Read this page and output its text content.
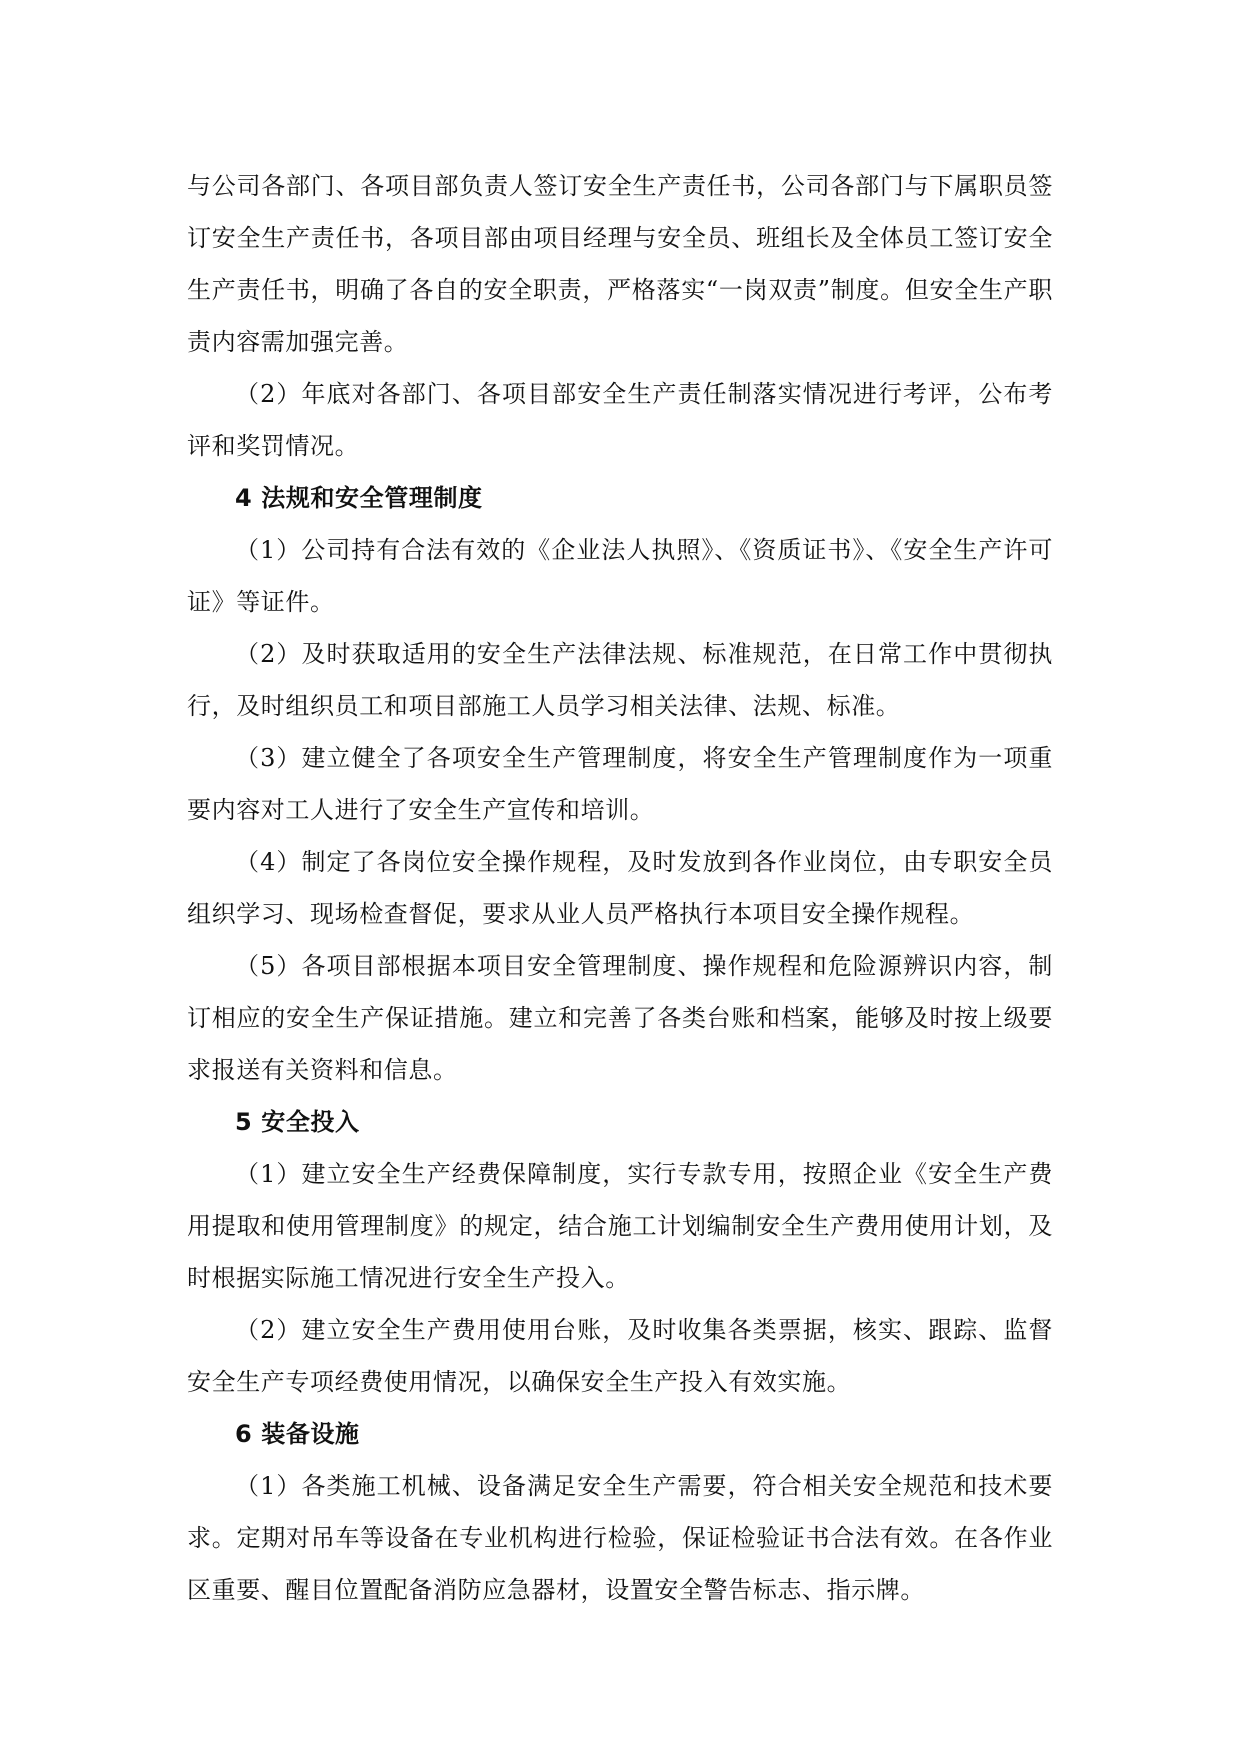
与公司各部门、各项目部负责人签订安全生产责任书，公司各部门与下属职员签订安全生产责任书，各项目部由项目经理与安全员、班组长及全体员工签订安全生产责任书，明确了各自的安全职责，严格落实“一岗双责”制度。但安全生产职责内容需加强完善。

（2）年底对各部门、各项目部安全生产责任制落实情况进行考评，公布考评和奖罚情况。

4 法规和安全管理制度

（1）公司持有合法有效的《企业法人执照》、《资质证书》、《安全生产许可证》等证件。

（2）及时获取适用的安全生产法律法规、标准规范，在日常工作中贯彻执行，及时组织员工和项目部施工人员学习相关法律、法规、标准。

（3）建立健全了各项安全生产管理制度，将安全生产管理制度作为一项重要内容对工人进行了安全生产宣传和培训。

（4）制定了各岗位安全操作规程，及时发放到各作业岗位，由专职安全员组织学习、现场检查督促，要求从业人员严格执行本项目安全操作规程。

（5）各项目部根据本项目安全管理制度、操作规程和危险源辨识内容，制订相应的安全生产保证措施。建立和完善了各类台账和档案，能够及时按上级要求报送有关资料和信息。

5 安全投入

（1）建立安全生产经费保障制度，实行专款专用，按照企业《安全生产费用提取和使用管理制度》的规定，结合施工计划编制安全生产费用使用计划，及时根据实际施工情况进行安全生产投入。

（2）建立安全生产费用使用台账，及时收集各类票据，核实、跟踪、监督安全生产专项经费使用情况，以确保安全生产投入有效实施。

6 装备设施

（1）各类施工机械、设备满足安全生产需要，符合相关安全规范和技术要求。定期对吊车等设备在专业机构进行检验，保证检验证书合法有效。在各作业区重要、醒目位置配备消防应急器材，设置安全警告标志、指示牌。
